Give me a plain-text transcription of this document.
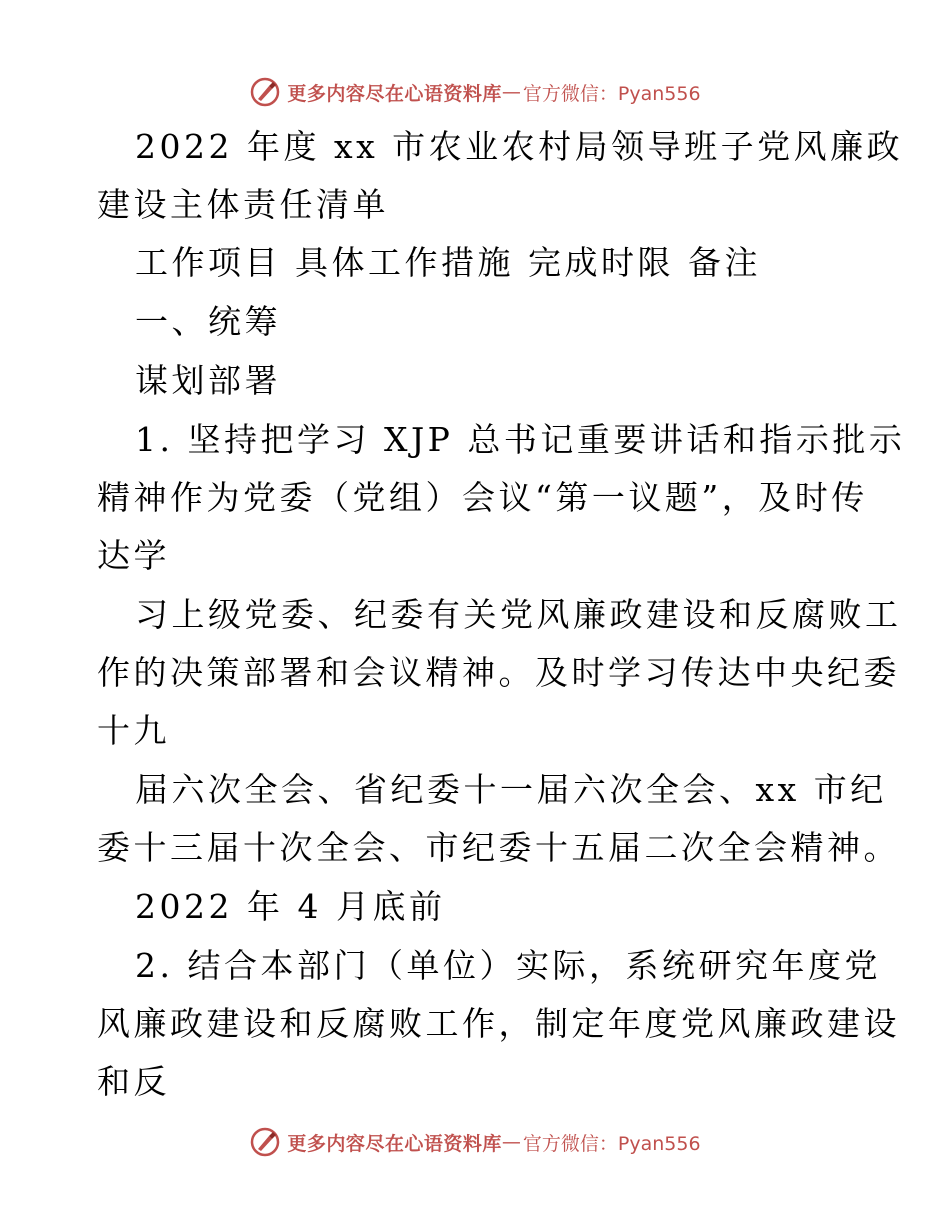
更多内容尽在心语资料库 — 官方微信：Pyan556
2022 年度 xx 市农业农村局领导班子党风廉政
建设主体责任清单
工作项目 具体工作措施 完成时限 备注
一、统筹
谋划部署
1. 坚持把学习 XJP 总书记重要讲话和指示批示
精神作为党委（党组）会议“第一议题”，及时传
达学
习上级党委、纪委有关党风廉政建设和反腐败工
作的决策部署和会议精神。及时学习传达中央纪委
十九
届六次全会、省纪委十一届六次全会、xx 市纪
委十三届十次全会、市纪委十五届二次全会精神。
2022 年 4 月底前
2. 结合本部门（单位）实际，系统研究年度党
风廉政建设和反腐败工作，制定年度党风廉政建设
和反
更多内容尽在心语资料库 — 官方微信：Pyan556
